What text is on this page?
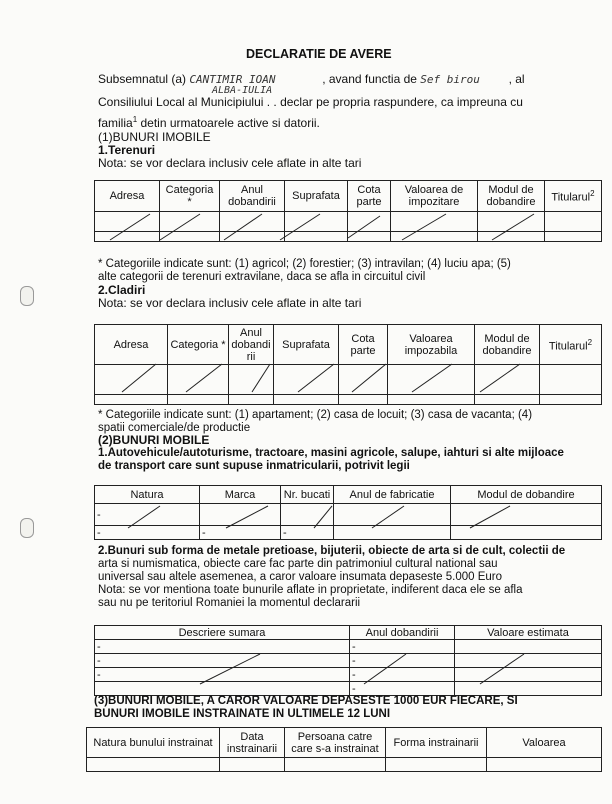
DECLARATIE DE AVERE
Subsemnatul (a) CANTIMIR IOAN	, avand functia de Sef birou , al
ALBA-IULIA
Consiliului Local al Municipiului . . declar pe propria raspundere, ca impreuna cu
familia$^1$ detin urmatoarele active si datorii.
(1)BUNURI IMOBILE
1.Terenuri
Nota: se vor declara inclusiv cele aflate in alte tari
Adresa	Categoria *	Anul dobandirii	Suprafata	Cota parte	Valoarea de impozitare	Modul de dobandire	Titularul$^2$

* Categoriile indicate sunt: (1) agricol; (2) forestier; (3) intravilan; (4) luciu apa; (5)
alte categorii de terenuri extravilane, daca se afla in circuitul civil
2.Cladiri
Nota: se vor declara inclusiv cele aflate in alte tari
Adresa	Categoria *	Anul dobandi rii	Suprafata	Cota parte	Valoarea impozabila	Modul de dobandire	Titularul$^2$

* Categoriile indicate sunt: (1) apartament; (2) casa de locuit; (3) casa de vacanta; (4)
spatii comerciale/de productie
(2)BUNURI MOBILE
1.Autovehicule/autoturisme, tractoare, masini agricole, salupe, iahturi si alte mijloace
de transport care sunt supuse inmatricularii, potrivit legii
Natura	Marca	Nr. bucati	Anul de fabricatie	Modul de dobandire
-				
-	-	-		
2.Bunuri sub forma de metale pretioase, bijuterii, obiecte de arta si de cult, colectii de
arta si numismatica, obiecte care fac parte din patrimoniul cultural national sau
universal sau altele asemenea, a caror valoare insumata depaseste 5.000 Euro
Nota: se vor mentiona toate bunurile aflate in proprietate, indiferent daca ele se afla
sau nu pe teritoriul Romaniei la momentul declararii
Descriere sumara	Anul dobandirii	Valoare estimata
-	-	
-	-	
-	-	
	-	
(3)BUNURI MOBILE, A CAROR VALOARE DEPASESTE 1000 EUR FIECARE, SI
BUNURI IMOBILE INSTRAINATE IN ULTIMELE 12 LUNI
Natura bunului instrainat	Data instrainarii	Persoana catre care s-a instrainat	Forma instrainarii	Valoarea
